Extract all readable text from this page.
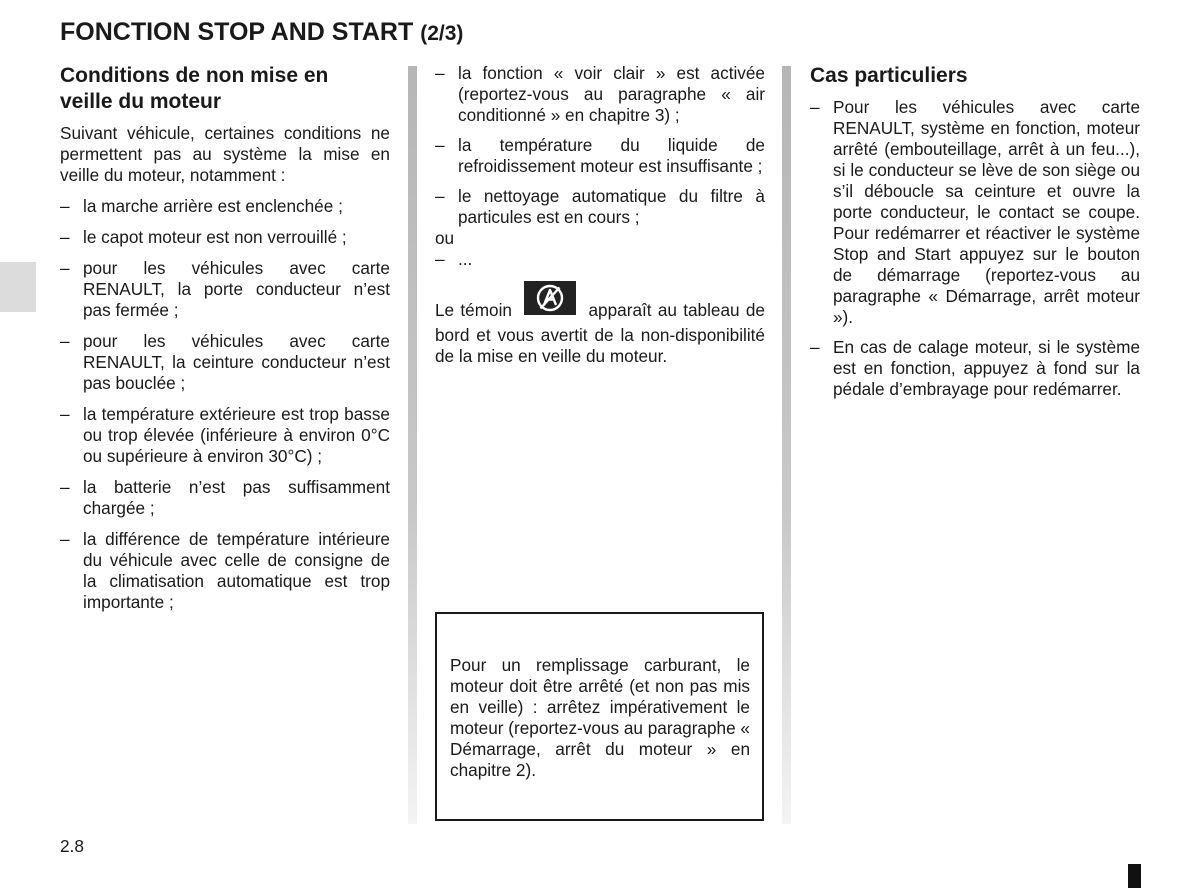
FONCTION STOP AND START (2/3)
Conditions de non mise en
veille du moteur

Suivant véhicule, certaines conditions ne permettent pas au système la mise en veille du moteur, notamment :

– la marche arrière est enclenchée ;
– le capot moteur est non verrouillé ;
– pour les véhicules avec carte RENAULT, la porte conducteur n’est pas fermée ;
– pour les véhicules avec carte RENAULT, la ceinture conducteur n’est pas bouclée ;
– la température extérieure est trop basse ou trop élevée (inférieure à environ 0°C ou supérieure à environ 30°C) ;
– la batterie n’est pas suffisamment chargée ;
– la différence de température intérieure du véhicule avec celle de consigne de la climatisation automatique est trop importante ;
– la fonction « voir clair » est activée (reportez-vous au paragraphe « air conditionné » en chapitre 3) ;
– la température du liquide de refroidissement moteur est insuffisante ;
– le nettoyage automatique du filtre à particules est en cours ;

ou

– ...

Le témoin	apparaît au tableau de bord et vous avertit de la non-disponibilité de la mise en veille du moteur.

Pour un remplissage carburant, le moteur doit être arrêté (et non pas mis en veille) : arrêtez impérativement le moteur (reportez-vous au paragraphe « Démarrage, arrêt du moteur » en chapitre 2).

Cas particuliers
– Pour les véhicules avec carte RENAULT, système en fonction, moteur arrêté (embouteillage, arrêt à un feu...), si le conducteur se lève de son siège ou s’il déboucle sa ceinture et ouvre la porte conducteur, le contact se coupe. Pour redémarrer et réactiver le système Stop and Start appuyez sur le bouton de démarrage (reportez-vous au paragraphe « Démarrage, arrêt moteur »).
– En cas de calage moteur, si le système est en fonction, appuyez à fond sur la pédale d’embrayage pour redémarrer.
2.8
